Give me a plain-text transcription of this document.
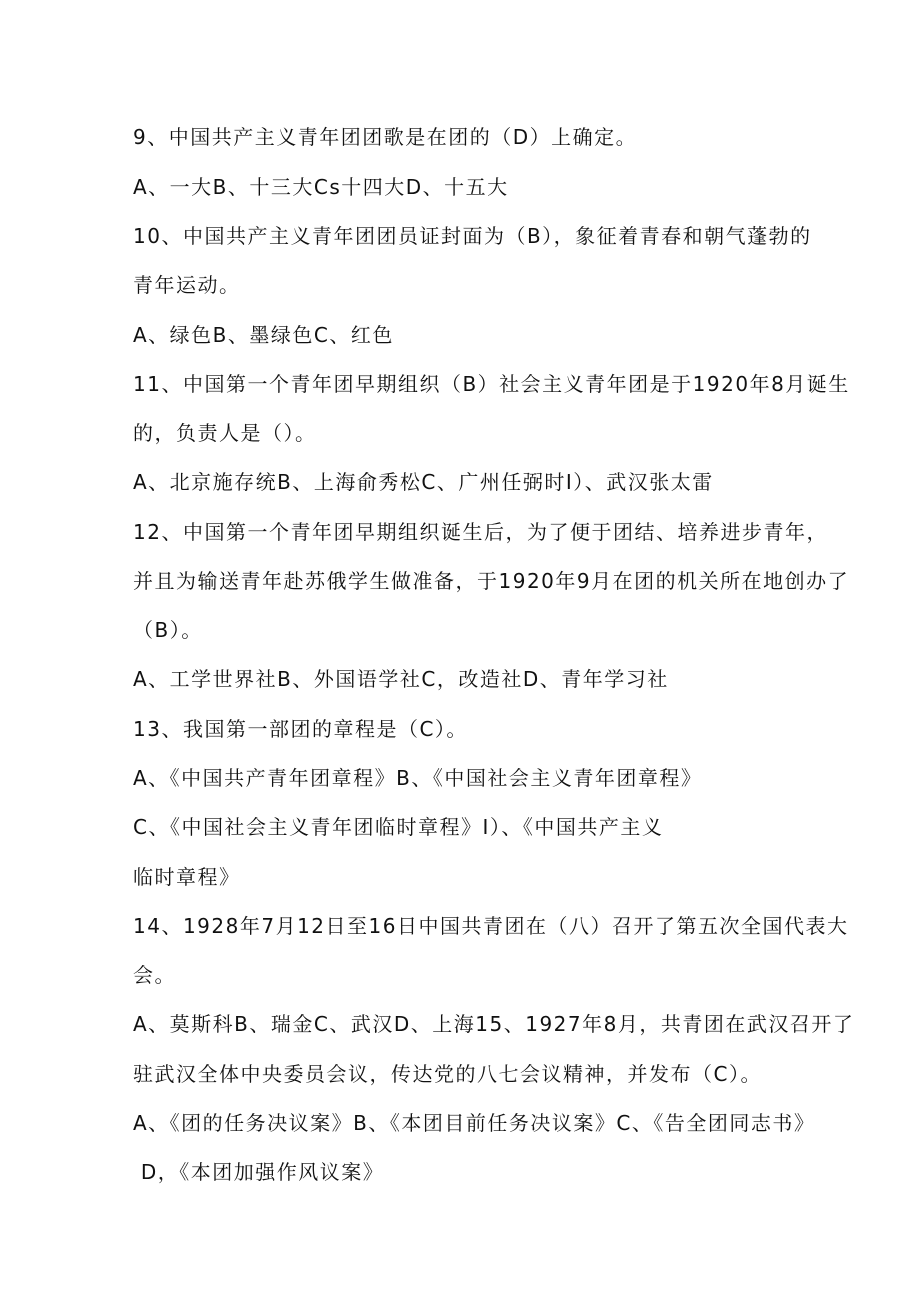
9、中国共产主义青年团团歌是在团的（D）上确定。
A、一大B、十三大Cs十四大D、十五大
10、中国共产主义青年团团员证封面为（B），象征着青春和朝气蓬勃的
青年运动。
A、绿色B、墨绿色C、红色
11、中国第一个青年团早期组织（B）社会主义青年团是于1920年8月诞生
的，负责人是（）。
A、北京施存统B、上海俞秀松C、广州任弼时I）、武汉张太雷
12、中国第一个青年团早期组织诞生后，为了便于团结、培养进步青年，
并且为输送青年赴苏俄学生做准备，于1920年9月在团的机关所在地创办了
（B）。
A、工学世界社B、外国语学社C，改造社D、青年学习社
13、我国第一部团的章程是（C）。
A、《中国共产青年团章程》B、《中国社会主义青年团章程》
C、《中国社会主义青年团临时章程》I）、《中国共产主义
临时章程》
14、1928年7月12日至16日中国共青团在（八）召开了第五次全国代表大
会。
A、莫斯科B、瑞金C、武汉D、上海15、1927年8月，共青团在武汉召开了
驻武汉全体中央委员会议，传达党的八七会议精神，并发布（C）。
A、《团的任务决议案》B、《本团目前任务决议案》C、《告全团同志书》
D，《本团加强作风议案》
